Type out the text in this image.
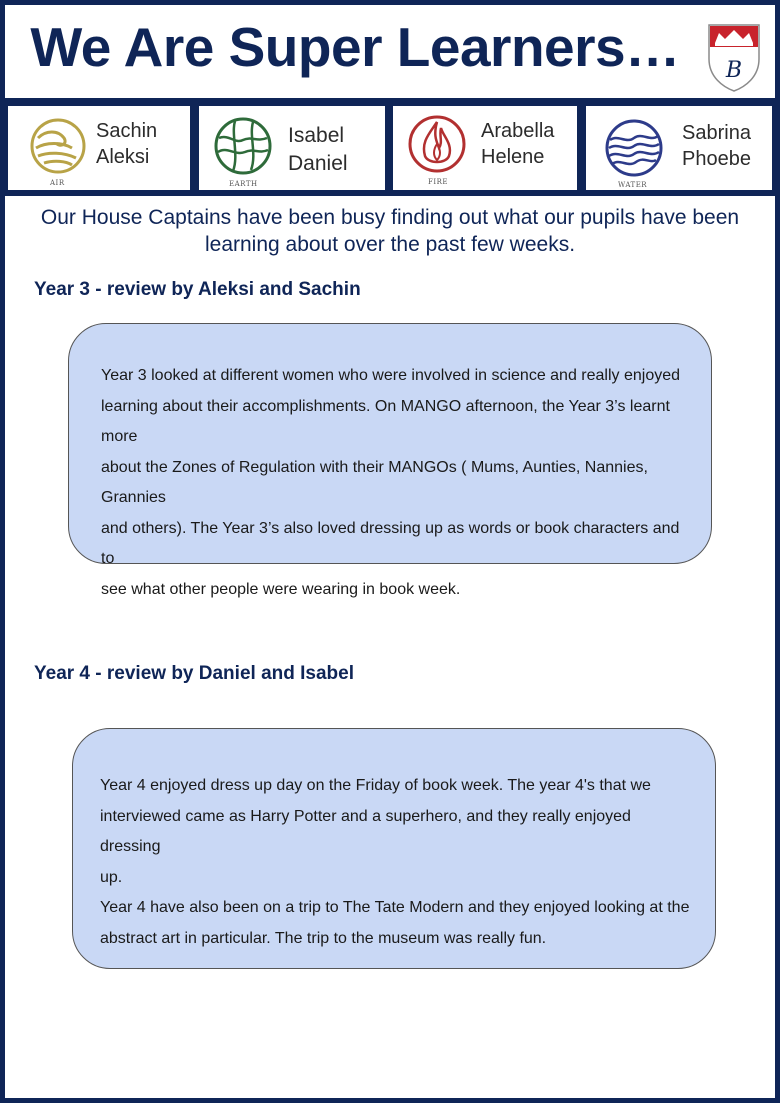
We Are Super Learners…	B
AIR
Sachin
Aleksi
EARTH
Isabel
Daniel
FIRE
Arabella
Helene
WATER
Sabrina
Phoebe
Our House Captains have been busy finding out what our pupils have been learning about over the past few weeks.
Year 3 - review by Aleksi and Sachin

Year 3 looked at different women who were involved in science and really enjoyed

learning about their accomplishments. On MANGO afternoon, the Year 3’s learnt more

about the Zones of Regulation with their MANGOs ( Mums, Aunties, Nannies, Grannies

and others). The Year 3’s also loved dressing up as words or book characters and to

see what other people were wearing in book week.

Year 4 - review by Daniel and Isabel

Year 4 enjoyed dress up day on the Friday of book week. The year 4's that we

interviewed came as Harry Potter and a superhero, and they really enjoyed dressing

up.

Year 4 have also been on a trip to The Tate Modern and they enjoyed looking at the

abstract art in particular. The trip to the museum was really fun.
